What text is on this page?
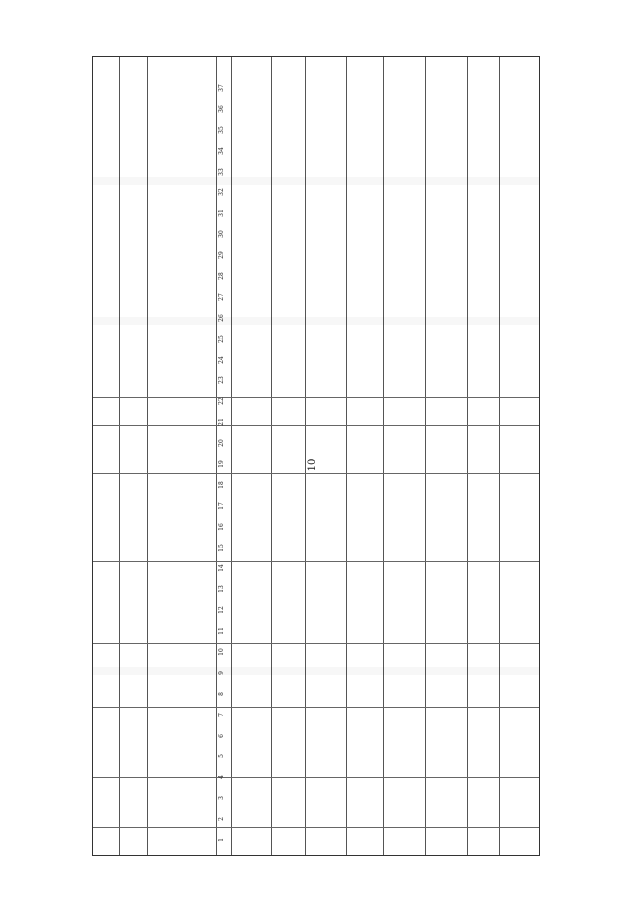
10
1
2
3
4
5
6
7
8
9
10
11
12
13
14
15
16
17
18
19
20
21
22
23
24
25
26
27
28
29
30
31
32
33
34
35
36
37
